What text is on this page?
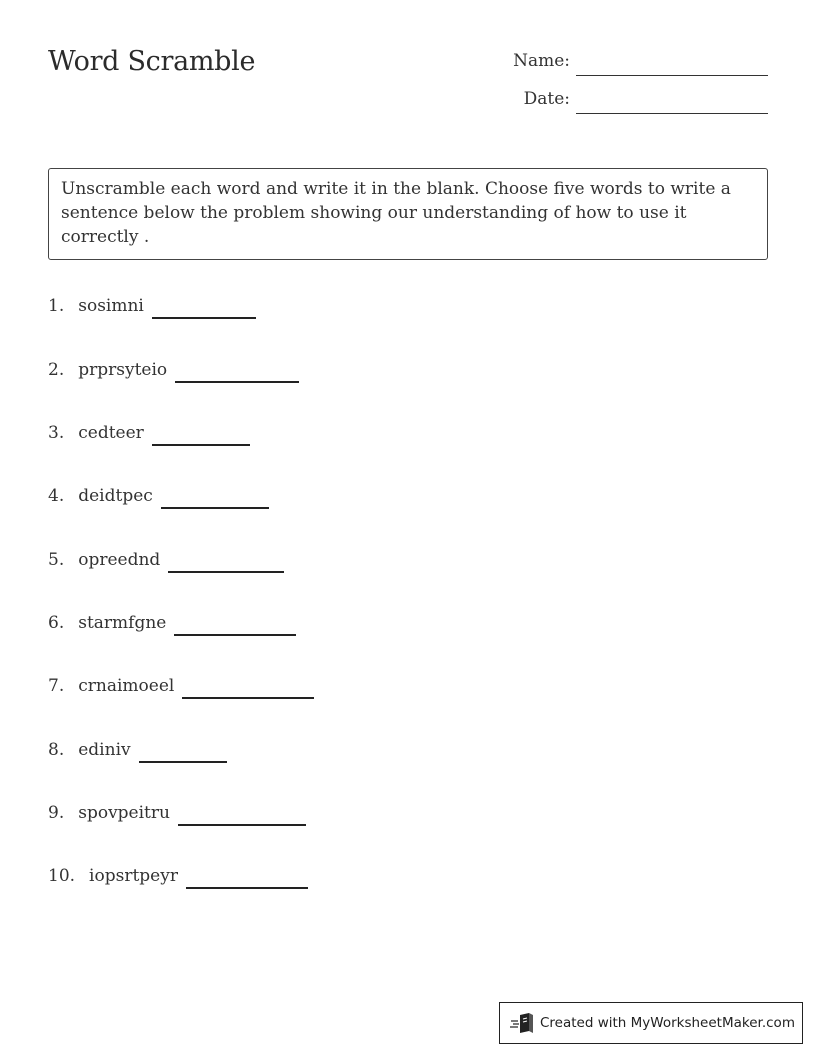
Word Scramble	Name:
Date:
Unscramble each word and write it in the blank. Choose five words to write a sentence below the problem showing our understanding of how to use it correctly .
1. sosimni
2. prprsyteio
3. cedteer
4. deidtpec
5. opreednd
6. starmfgne
7. crnaimoeel
8. ediniv
9. spovpeitru
10. iopsrtpeyr
Created with MyWorksheetMaker.com
